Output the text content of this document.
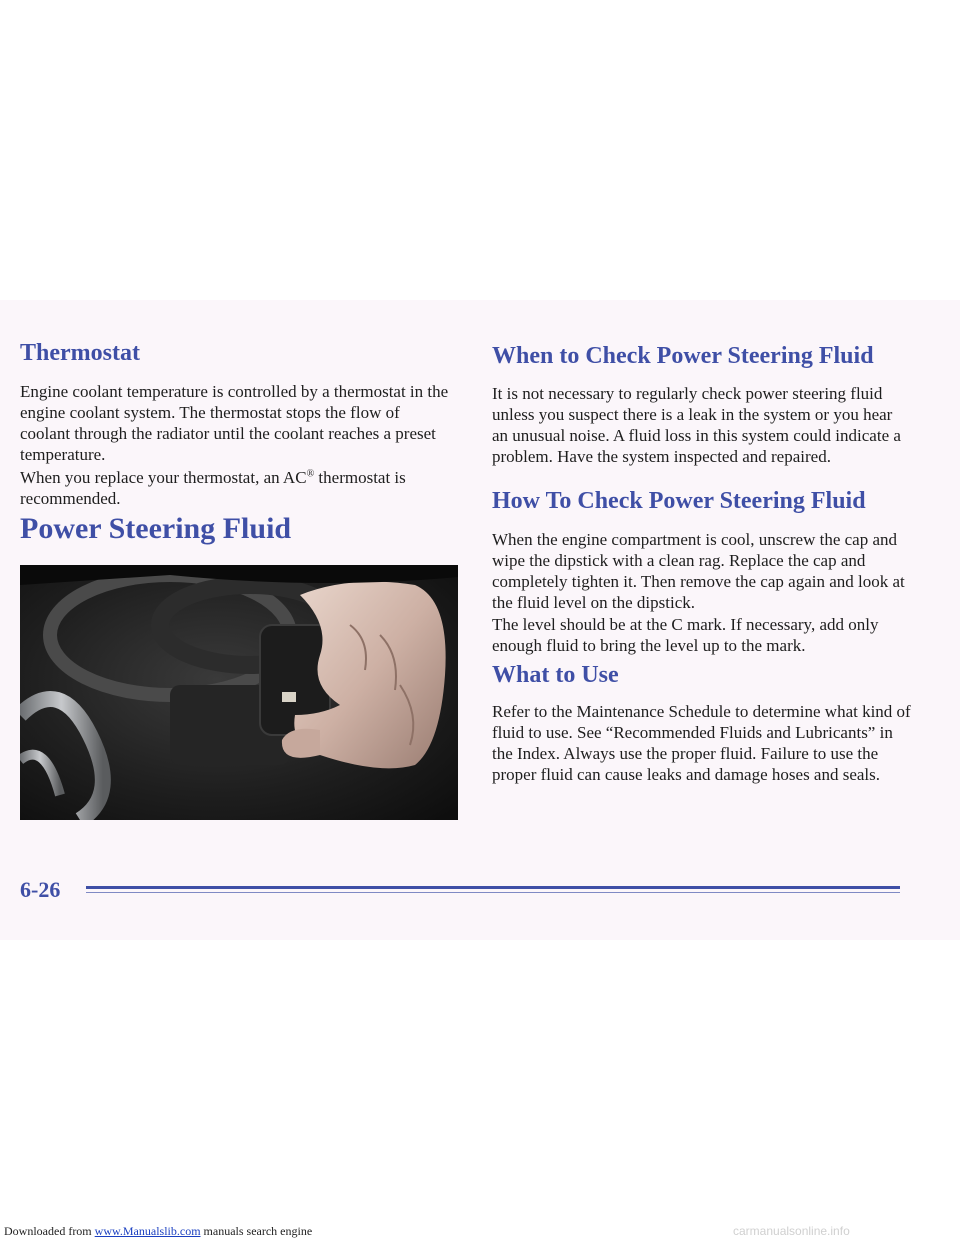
Thermostat

Engine coolant temperature is controlled by a thermostat in the engine coolant system. The thermostat stops the flow of coolant through the radiator until the coolant reaches a preset temperature.

When you replace your thermostat, an AC® thermostat is recommended.

Power Steering Fluid
When to Check Power Steering Fluid

It is not necessary to regularly check power steering fluid unless you suspect there is a leak in the system or you hear an unusual noise. A fluid loss in this system could indicate a problem. Have the system inspected and repaired.

How To Check Power Steering Fluid

When the engine compartment is cool, unscrew the cap and wipe the dipstick with a clean rag. Replace the cap and completely tighten it. Then remove the cap again and look at the fluid level on the dipstick.

The level should be at the C mark. If necessary, add only enough fluid to bring the level up to the mark.

What to Use

Refer to the Maintenance Schedule to determine what kind of fluid to use. See “Recommended Fluids and Lubricants” in the Index. Always use the proper fluid. Failure to use the proper fluid can cause leaks and damage hoses and seals.

6-26
Downloaded from www.Manualslib.com manuals search engine	carmanualsonline.info
